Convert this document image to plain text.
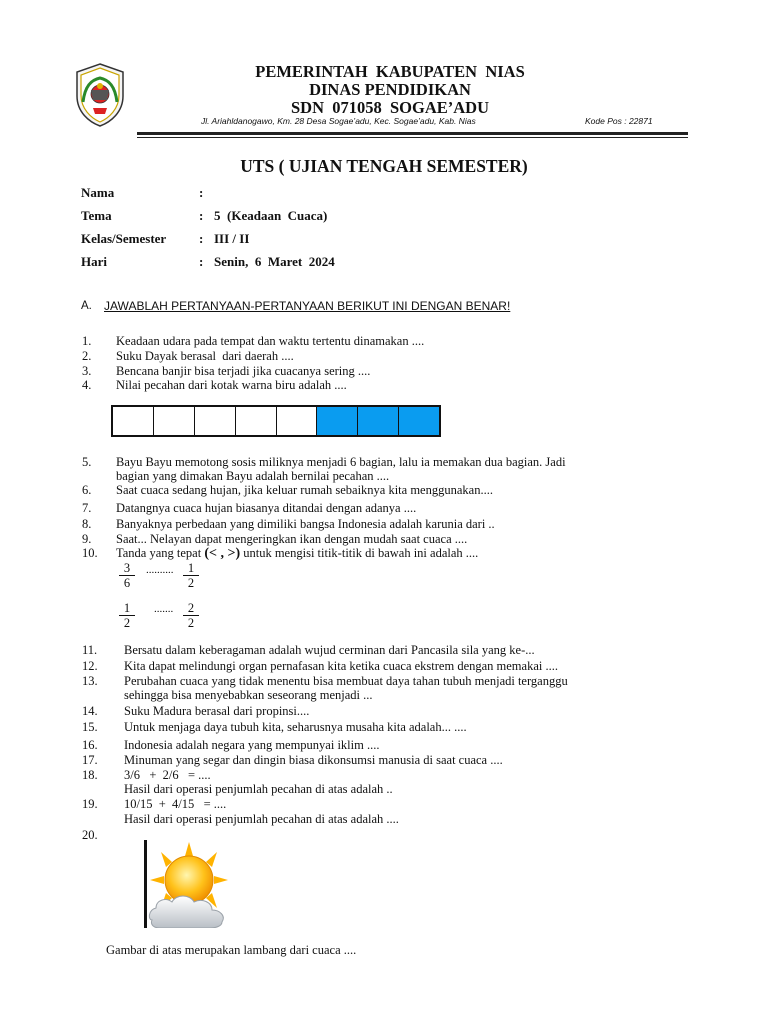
PEMERINTAH  KABUPATEN  NIAS
DINAS PENDIDIKAN
SDN  071058  SOGAE’ADU
Jl. Ariahldanogawo, Km. 28 Desa Sogae’adu, Kec. Sogae’adu, Kab. Nias	Kode Pos : 22871
UTS ( UJIAN TENGAH SEMESTER)
Nama	:
Tema	: 5  (Keadaan  Cuaca)
Kelas/Semester	: III / II
Hari	: Senin,  6  Maret  2024
A. JAWABLAH PERTANYAAN-PERTANYAAN BERIKUT INI DENGAN BENAR!
1. Keadaan udara pada tempat dan waktu tertentu dinamakan ....
2. Suku Dayak berasal  dari daerah ....
3. Bencana banjir bisa terjadi jika cuacanya sering ....
4. Nilai pecahan dari kotak warna biru adalah ....
5. Bayu Bayu memotong sosis miliknya menjadi 6 bagian, lalu ia memakan dua bagian. Jadi
bagian yang dimakan Bayu adalah bernilai pecahan ....
6. Saat cuaca sedang hujan, jika keluar rumah sebaiknya kita menggunakan....
7. Datangnya cuaca hujan biasanya ditandai dengan adanya ....
8. Banyaknya perbedaan yang dimiliki bangsa Indonesia adalah karunia dari ..
9. Saat... Nelayan dapat mengeringkan ikan dengan mudah saat cuaca ....
10. Tanda yang tepat (< , >) untuk mengisi titik-titik di bawah ini adalah ....
$\frac{3}{6}$ .......... $\frac{1}{2}$
$\frac{1}{2}$ ....... $\frac{2}{2}$
11. Bersatu dalam keberagaman adalah wujud cerminan dari Pancasila sila yang ke-...
12. Kita dapat melindungi organ pernafasan kita ketika cuaca ekstrem dengan memakai ....
13. Perubahan cuaca yang tidak menentu bisa membuat daya tahan tubuh menjadi terganggu
sehingga bisa menyebabkan seseorang menjadi ...
14. Suku Madura berasal dari propinsi....
15. Untuk menjaga daya tubuh kita, seharusnya musaha kita adalah... ....
16. Indonesia adalah negara yang mempunyai iklim ....
17. Minuman yang segar dan dingin biasa dikonsumsi manusia di saat cuaca ....
18. 3/6   +  2/6   = ....
Hasil dari operasi penjumlah pecahan di atas adalah ..
19. 10/15  +  4/15   = ....
Hasil dari operasi penjumlah pecahan di atas adalah ....
20.
Gambar di atas merupakan lambang dari cuaca ....
